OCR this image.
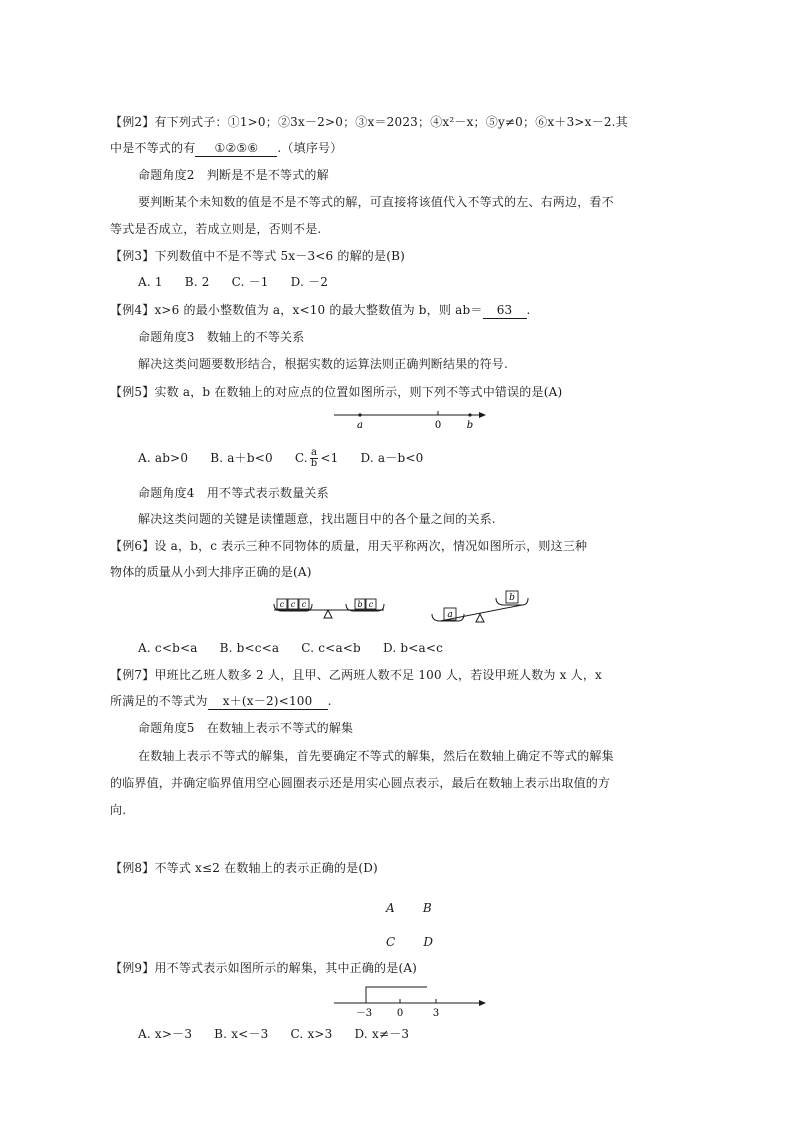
【例2】有下列式子：①1>0；②3x－2>0；③x＝2023；④x²－x；⑤y≠0；⑥x＋3>x－2.其
中是不等式的有 ①②⑤⑥ .（填序号）
命题角度2　判断是不是不等式的解
要判断某个未知数的值是不是不等式的解，可直接将该值代入不等式的左、右两边，看不
等式是否成立，若成立则是，否则不是.
【例3】下列数值中不是不等式 5x－3<6 的解的是(B)
A. 1 B. 2 C. －1 D. －2
【例4】x>6 的最小整数值为 a，x<10 的最大整数值为 b，则 ab＝ 63 .
命题角度3　数轴上的不等关系
解决这类问题要数形结合，根据实数的运算法则正确判断结果的符号.
【例5】实数 a，b 在数轴上的对应点的位置如图所示，则下列不等式中错误的是(A)
a	0	b
A. ab>0 B. a＋b<0 C. $\frac{a}{b} <1$ D. a－b<0
命题角度4　用不等式表示数量关系
解决这类问题的关键是读懂题意，找出题目中的各个量之间的关系.
【例6】设 a，b，c 表示三种不同物体的质量，用天平称两次，情况如图所示，则这三种
物体的质量从小到大排序正确的是(A)
c c c	b c
a
b
A. c<b<a B. b<c<a C. c<a<b D. b<a<c
【例7】甲班比乙班人数多 2 人，且甲、乙两班人数不足 100 人，若设甲班人数为 x 人，x
所满足的不等式为 x＋(x－2)<100 .
命题角度5　在数轴上表示不等式的解集
在数轴上表示不等式的解集，首先要确定不等式的解集，然后在数轴上确定不等式的解集
的临界值，并确定临界值用空心圆圈表示还是用实心圆点表示，最后在数轴上表示出取值的方
向.
【例8】不等式 x≤2 在数轴上的表示正确的是(D)
A B
C D
【例9】用不等式表示如图所示的解集，其中正确的是(A)
－3 0	3
A. x>－3 B. x<－3 C. x>3 D. x≠－3
